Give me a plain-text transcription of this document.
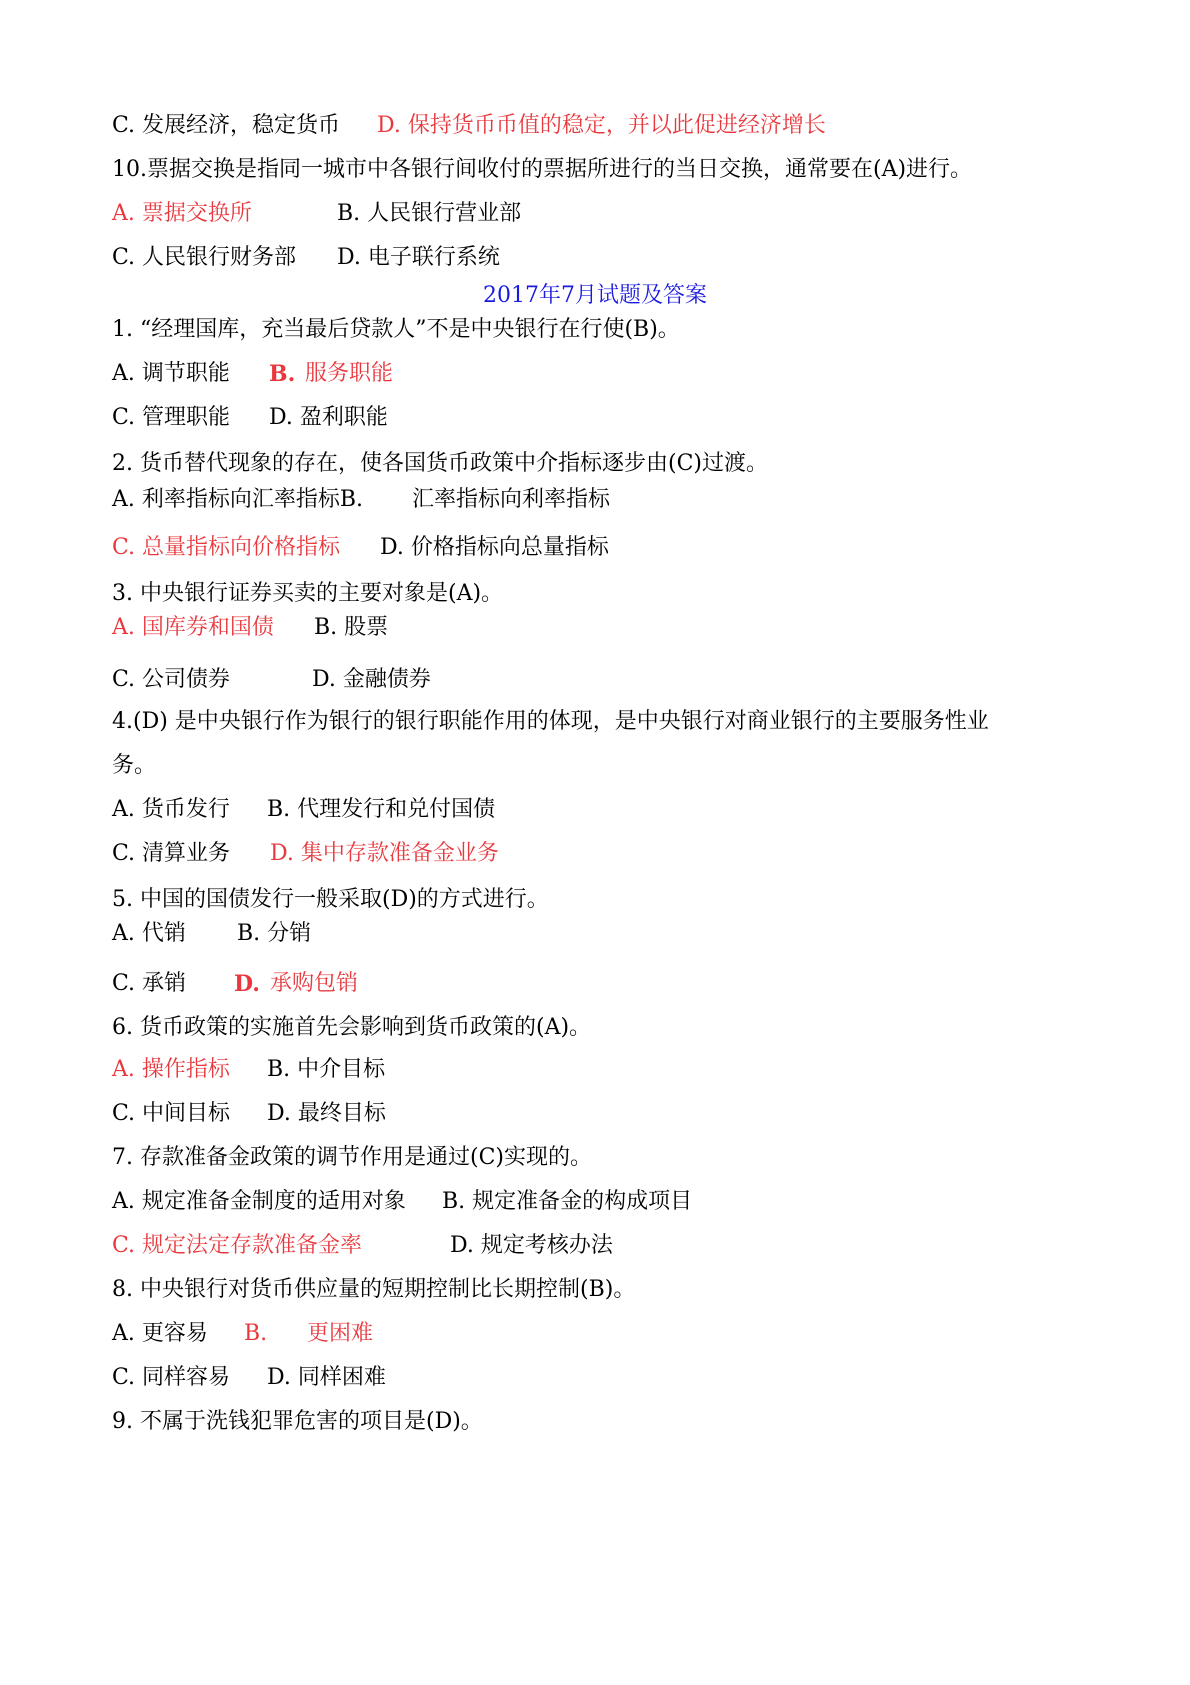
C. 发展经济，稳定货币 D. 保持货币币值的稳定，并以此促进经济增长
10.票据交换是指同一城市中各银行间收付的票据所进行的当日交换，通常要在(A)进行。
A. 票据交换所	B. 人民银行营业部
C. 人民银行财务部 D. 电子联行系统
2017年7月试题及答案
1. “经理国库，充当最后贷款人”不是中央银行在行使(B)。
A. 调节职能 B. 服务职能
C. 管理职能 D. 盈利职能
2. 货币替代现象的存在，使各国货币政策中介指标逐步由(C)过渡。
A. 利率指标向汇率指标B. 汇率指标向利率指标
C. 总量指标向价格指标 D. 价格指标向总量指标
3. 中央银行证券买卖的主要对象是(A)。
A. 国库券和国债 B. 股票
C. 公司债券	D. 金融债券
4.(D) 是中央银行作为银行的银行职能作用的体现，是中央银行对商业银行的主要服务性业
务。
A. 货币发行 B. 代理发行和兑付国债
C. 清算业务 D. 集中存款准备金业务
5. 中国的国债发行一般采取(D)的方式进行。
A. 代销 B. 分销
C. 承销 D. 承购包销
6. 货币政策的实施首先会影响到货币政策的(A)。
A. 操作指标 B. 中介目标
C. 中间目标 D. 最终目标
7. 存款准备金政策的调节作用是通过(C)实现的。
A. 规定准备金制度的适用对象 B. 规定准备金的构成项目
C. 规定法定存款准备金率	D. 规定考核办法
8. 中央银行对货币供应量的短期控制比长期控制(B)。
A. 更容易 B. 更困难
C. 同样容易 D. 同样困难
9. 不属于洗钱犯罪危害的项目是(D)。
